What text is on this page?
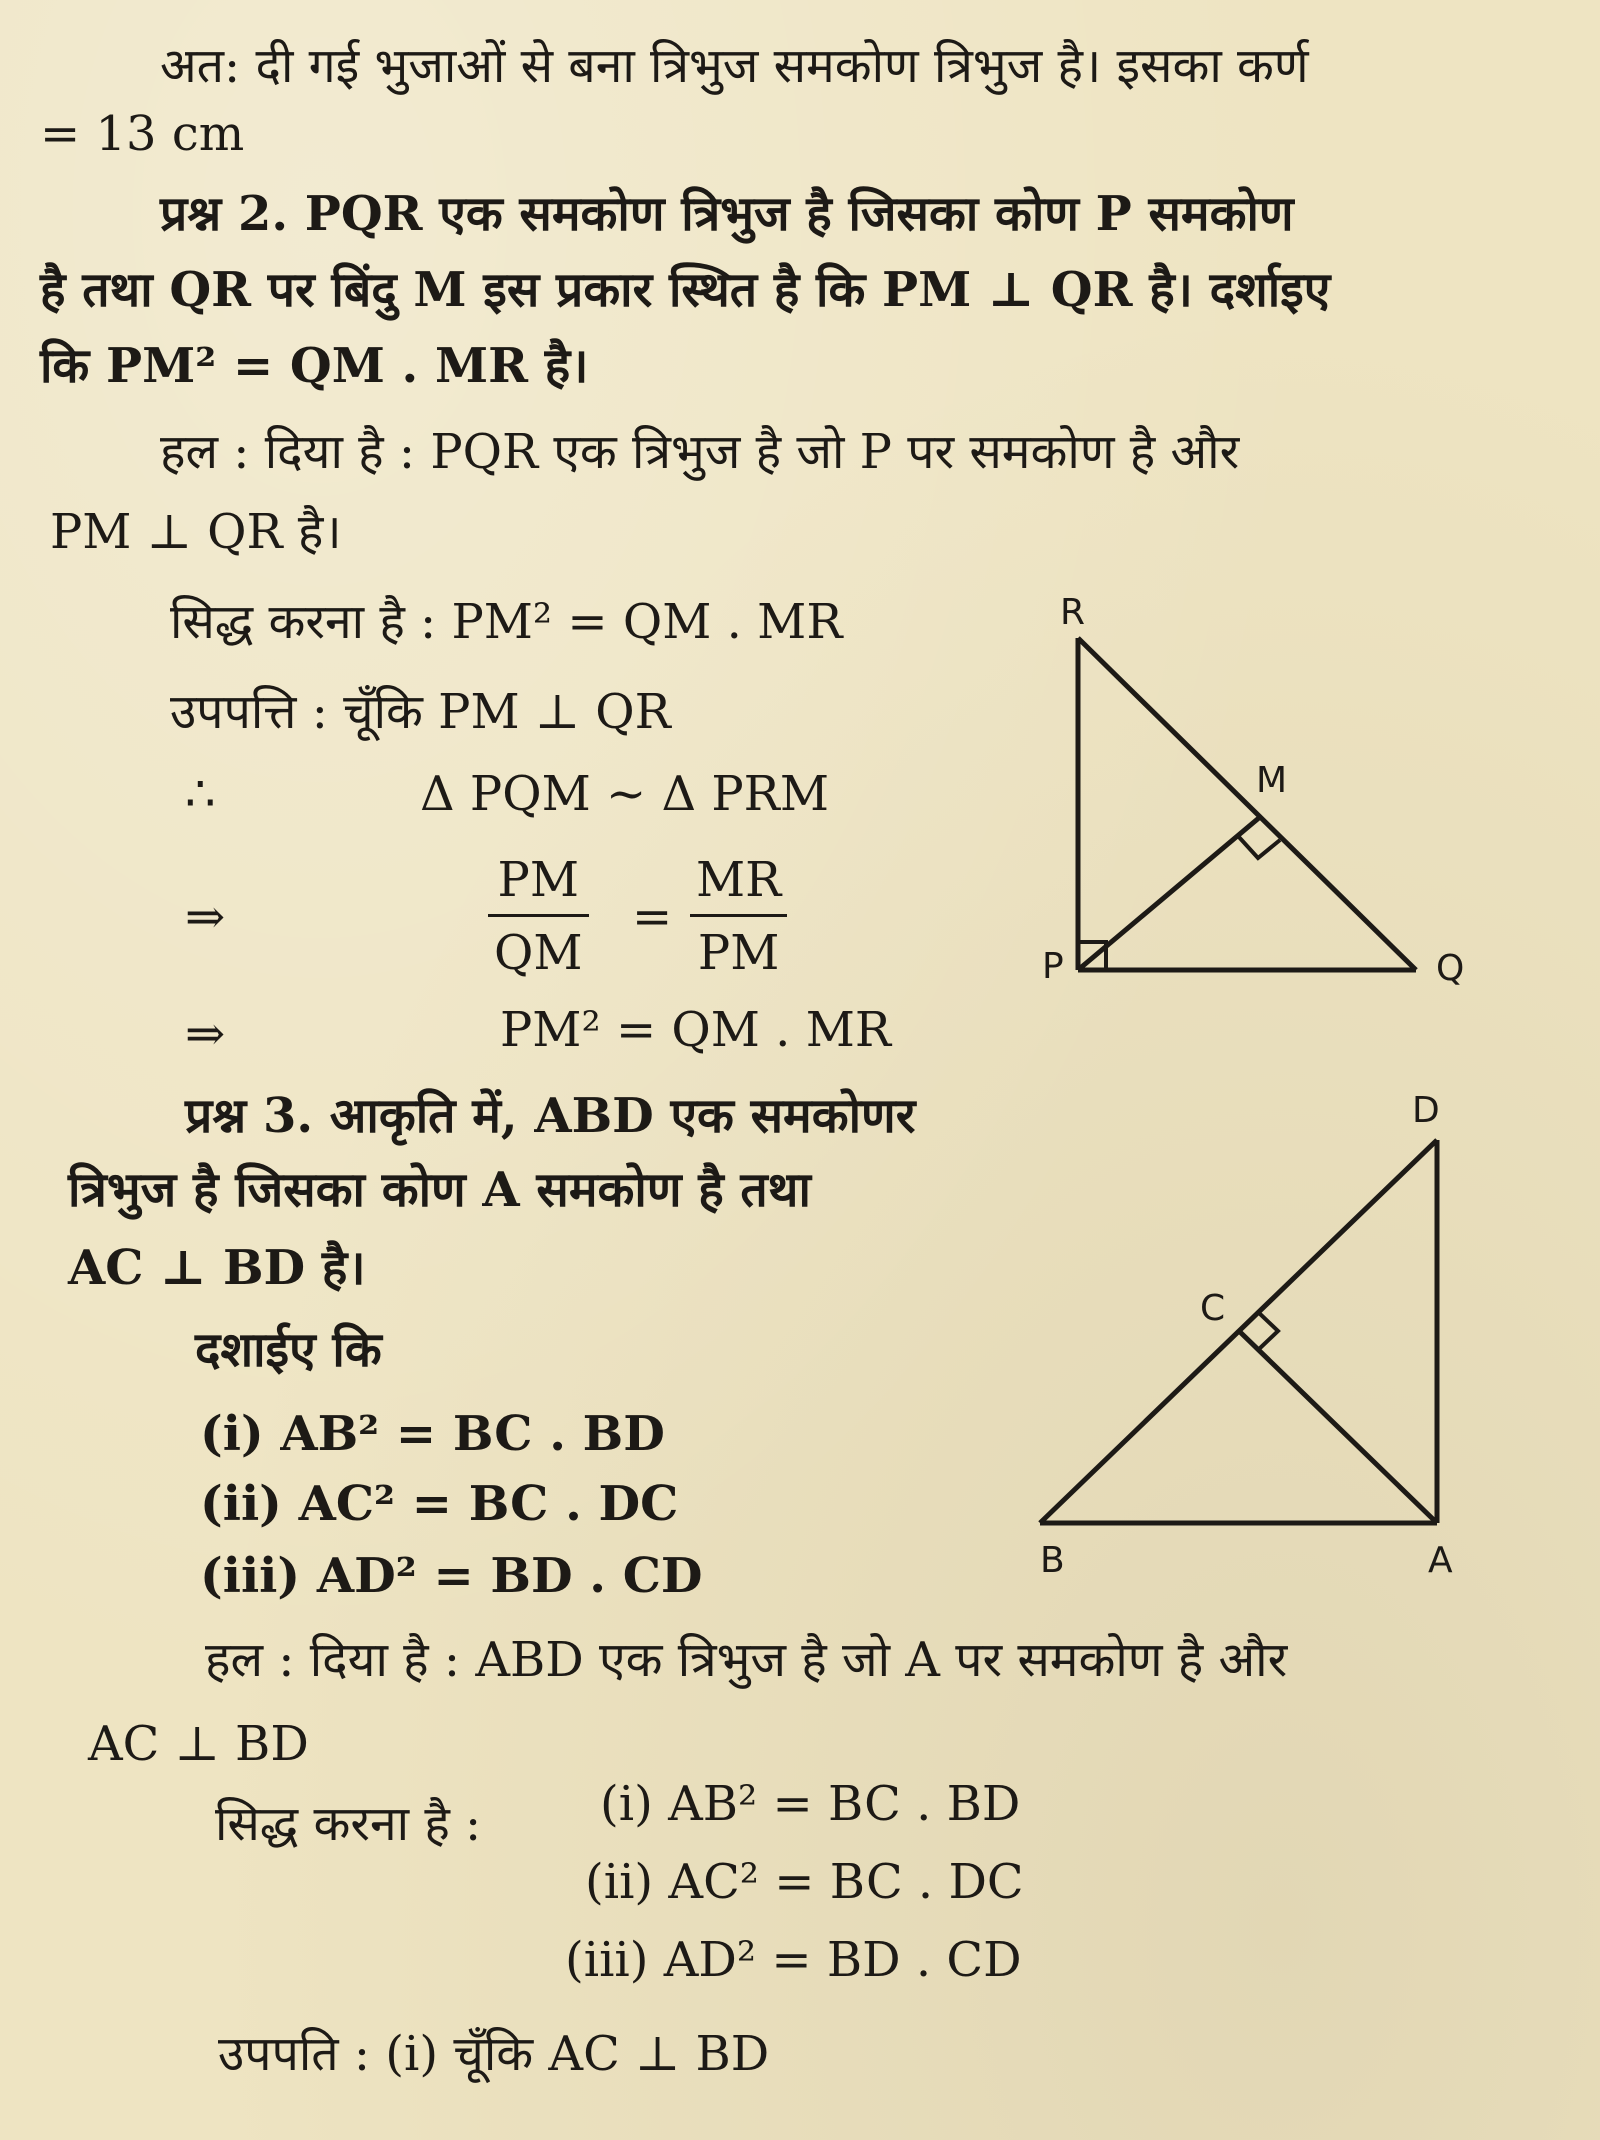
अत: दी गई भुजाओं से बना त्रिभुज समकोण त्रिभुज है। इसका कर्ण
= 13 cm
प्रश्न 2. PQR एक समकोण त्रिभुज है जिसका कोण P समकोण
है तथा QR पर बिंदु M इस प्रकार स्थित है कि PM ⊥ QR है। दर्शाइए
कि PM² = QM . MR है।
हल : दिया है : PQR एक त्रिभुज है जो P पर समकोण है और
PM ⊥ QR है।
सिद्ध करना है : PM² = QM . MR
उपपत्ति : चूँकि PM ⊥ QR
∴	Δ PQM ~ Δ PRM
⇒
PM
QM
=
MR
PM
⇒	PM² = QM . MR
R
M
P	Q
प्रश्न 3. आकृति में, ABD एक समकोणर
त्रिभुज है जिसका कोण A समकोण है तथा
AC ⊥ BD है।
दशाईए कि
(i) AB² = BC . BD
(ii) AC² = BC . DC
(iii) AD² = BD . CD
D
C
B	A
हल : दिया है : ABD एक त्रिभुज है जो A पर समकोण है और
AC ⊥ BD
सिद्ध करना है : (i) AB² = BC . BD
(ii) AC² = BC . DC
(iii) AD² = BD . CD
उपपति : (i) चूँकि AC ⊥ BD
